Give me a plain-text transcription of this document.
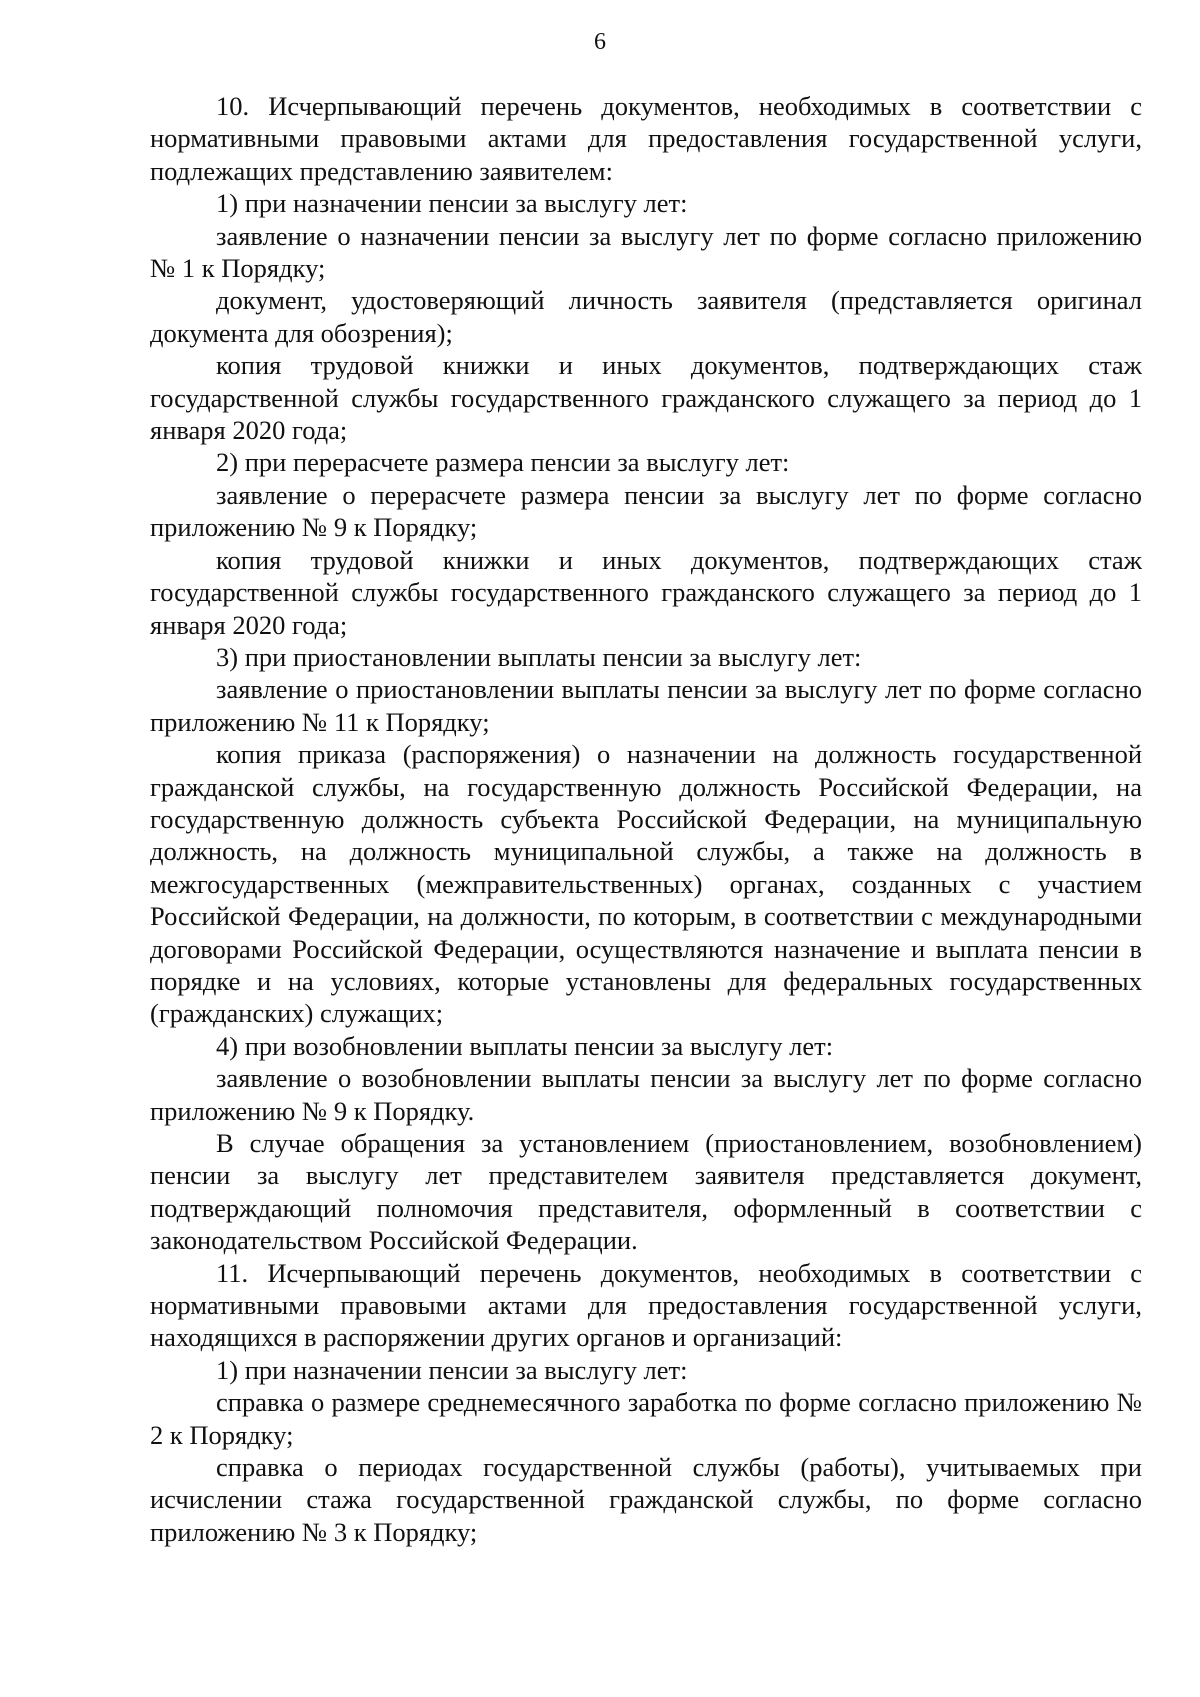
6

10. Исчерпывающий перечень документов, необходимых в соответствии с нормативными правовыми актами для предоставления государственной услуги, подлежащих представлению заявителем:

1) при назначении пенсии за выслугу лет:

заявление о назначении пенсии за выслугу лет по форме согласно приложению № 1 к Порядку;

документ, удостоверяющий личность заявителя (представляется оригинал документа для обозрения);

копия трудовой книжки и иных документов, подтверждающих стаж государственной службы государственного гражданского служащего за период до 1 января 2020 года;

2) при перерасчете размера пенсии за выслугу лет:

заявление о перерасчете размера пенсии за выслугу лет по форме согласно приложению № 9 к Порядку;

копия трудовой книжки и иных документов, подтверждающих стаж государственной службы государственного гражданского служащего за период до 1 января 2020 года;

3) при приостановлении выплаты пенсии за выслугу лет:

заявление о приостановлении выплаты пенсии за выслугу лет по форме согласно приложению № 11 к Порядку;

копия приказа (распоряжения) о назначении на должность государственной гражданской службы, на государственную должность Российской Федерации, на государственную должность субъекта Российской Федерации, на муниципальную должность, на должность муниципальной службы, а также на должность в межгосударственных (межправительственных) органах, созданных с участием Российской Федерации, на должности, по которым, в соответствии с международными договорами Российской Федерации, осуществляются назначение и выплата пенсии в порядке и на условиях, которые установлены для федеральных государственных (гражданских) служащих;

4) при возобновлении выплаты пенсии за выслугу лет:

заявление о возобновлении выплаты пенсии за выслугу лет по форме согласно приложению № 9 к Порядку.

В случае обращения за установлением (приостановлением, возобновлением) пенсии за выслугу лет представителем заявителя представляется документ, подтверждающий полномочия представителя, оформленный в соответствии с законодательством Российской Федерации.

11. Исчерпывающий перечень документов, необходимых в соответствии с нормативными правовыми актами для предоставления государственной услуги, находящихся в распоряжении других органов и организаций:

1) при назначении пенсии за выслугу лет:

справка о размере среднемесячного заработка по форме согласно приложению № 2 к Порядку;

справка о периодах государственной службы (работы), учитываемых при исчислении стажа государственной гражданской службы, по форме согласно приложению № 3 к Порядку;
